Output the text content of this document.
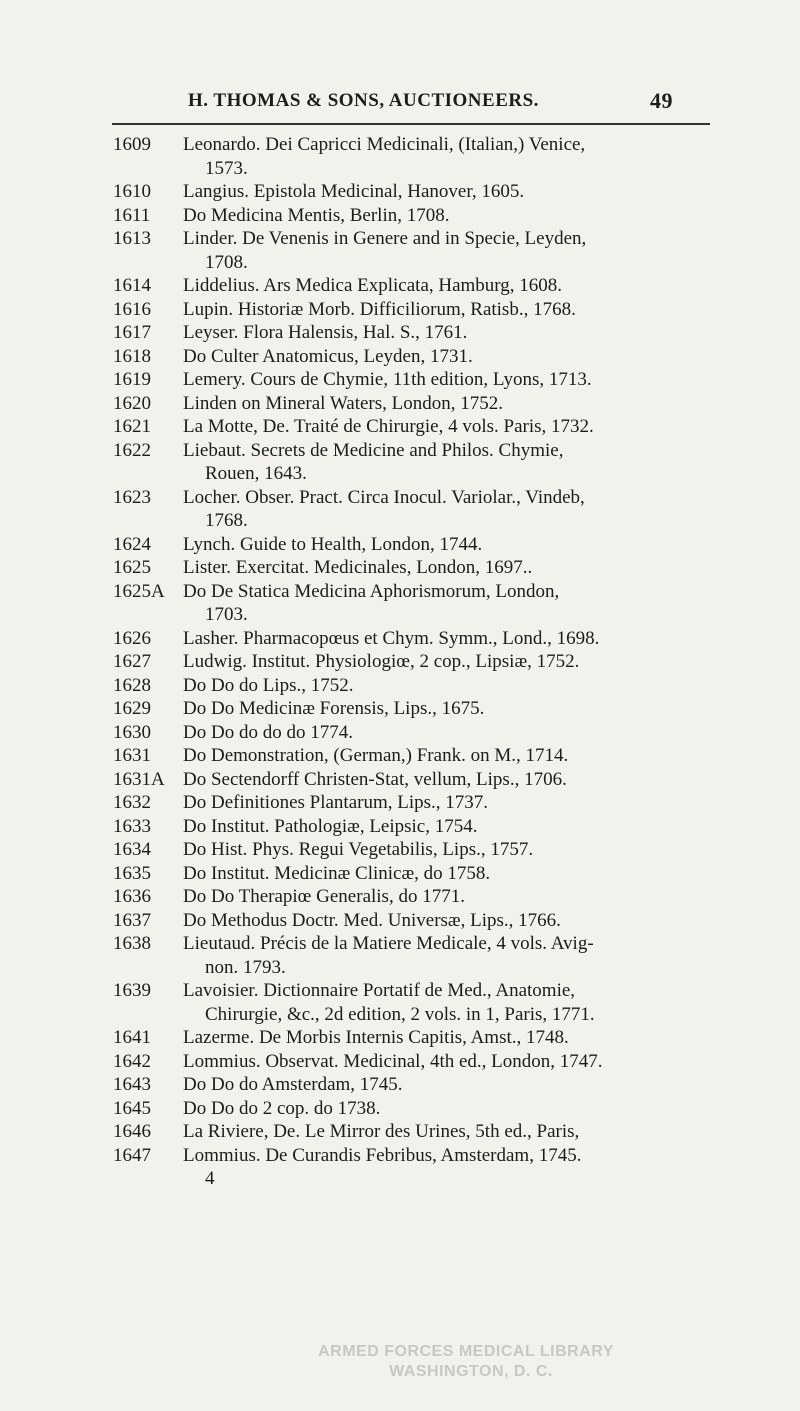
H. THOMAS & SONS, AUCTIONEERS.	49
1609 Leonardo. Dei Capricci Medicinali, (Italian,) Venice,
1573.
1610 Langius. Epistola Medicinal, Hanover, 1605.
1611 Do Medicina Mentis, Berlin, 1708.
1613 Linder. De Venenis in Genere and in Specie, Leyden,
1708.
1614 Liddelius. Ars Medica Explicata, Hamburg, 1608.
1616 Lupin. Historiæ Morb. Difficiliorum, Ratisb., 1768.
1617 Leyser. Flora Halensis, Hal. S., 1761.
1618 Do Culter Anatomicus, Leyden, 1731.
1619 Lemery. Cours de Chymie, 11th edition, Lyons, 1713.
1620 Linden on Mineral Waters, London, 1752.
1621 La Motte, De. Traité de Chirurgie, 4 vols. Paris, 1732.
1622 Liebaut. Secrets de Medicine and Philos. Chymie,
Rouen, 1643.
1623 Locher. Obser. Pract. Circa Inocul. Variolar., Vindeb,
1768.
1624 Lynch. Guide to Health, London, 1744.
1625 Lister. Exercitat. Medicinales, London, 1697..
1625A Do De Statica Medicina Aphorismorum, London,
1703.
1626 Lasher. Pharmacopœus et Chym. Symm., Lond., 1698.
1627 Ludwig. Institut. Physiologiœ, 2 cop., Lipsiæ, 1752.
1628 Do Do do Lips., 1752.
1629 Do Do Medicinæ Forensis, Lips., 1675.
1630 Do Do do do do 1774.
1631 Do Demonstration, (German,) Frank. on M., 1714.
1631A Do Sectendorff Christen-Stat, vellum, Lips., 1706.
1632 Do Definitiones Plantarum, Lips., 1737.
1633 Do Institut. Pathologiæ, Leipsic, 1754.
1634 Do Hist. Phys. Regui Vegetabilis, Lips., 1757.
1635 Do Institut. Medicinæ Clinicæ, do 1758.
1636 Do Do Therapiœ Generalis, do 1771.
1637 Do Methodus Doctr. Med. Universæ, Lips., 1766.
1638 Lieutaud. Précis de la Matiere Medicale, 4 vols. Avig-
non. 1793.
1639 Lavoisier. Dictionnaire Portatif de Med., Anatomie,
Chirurgie, &c., 2d edition, 2 vols. in 1, Paris, 1771.
1641 Lazerme. De Morbis Internis Capitis, Amst., 1748.
1642 Lommius. Observat. Medicinal, 4th ed., London, 1747.
1643 Do Do do Amsterdam, 1745.
1645 Do Do do 2 cop. do 1738.
1646 La Riviere, De. Le Mirror des Urines, 5th ed., Paris,
1647 Lommius. De Curandis Febribus, Amsterdam, 1745.
4
ARMED FORCES MEDICAL LIBRARY
WASHINGTON, D. C.
